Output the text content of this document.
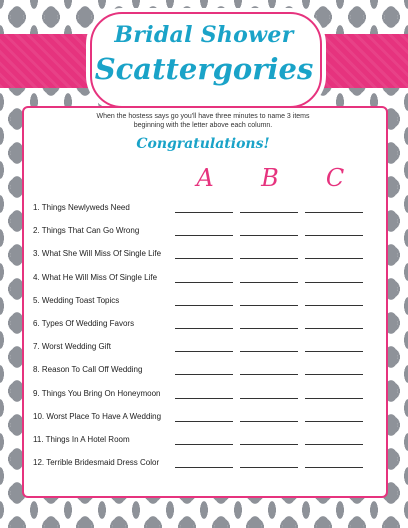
Bridal Shower
Scattergories
When the hostess says go you'll have three minutes to name 3 items
beginning with the letter above each column.
Congratulations!
A	B	C
1. Things Newlyweds Need
2. Things That Can Go Wrong
3. What She Will Miss Of Single Life
4. What He Will Miss Of Single Life
5. Wedding Toast Topics
6. Types Of Wedding Favors
7. Worst Wedding Gift
8. Reason To Call Off Wedding
9. Things You Bring On Honeymoon
10. Worst Place To Have A Wedding
11. Things In A Hotel Room
12. Terrible Bridesmaid Dress Color
